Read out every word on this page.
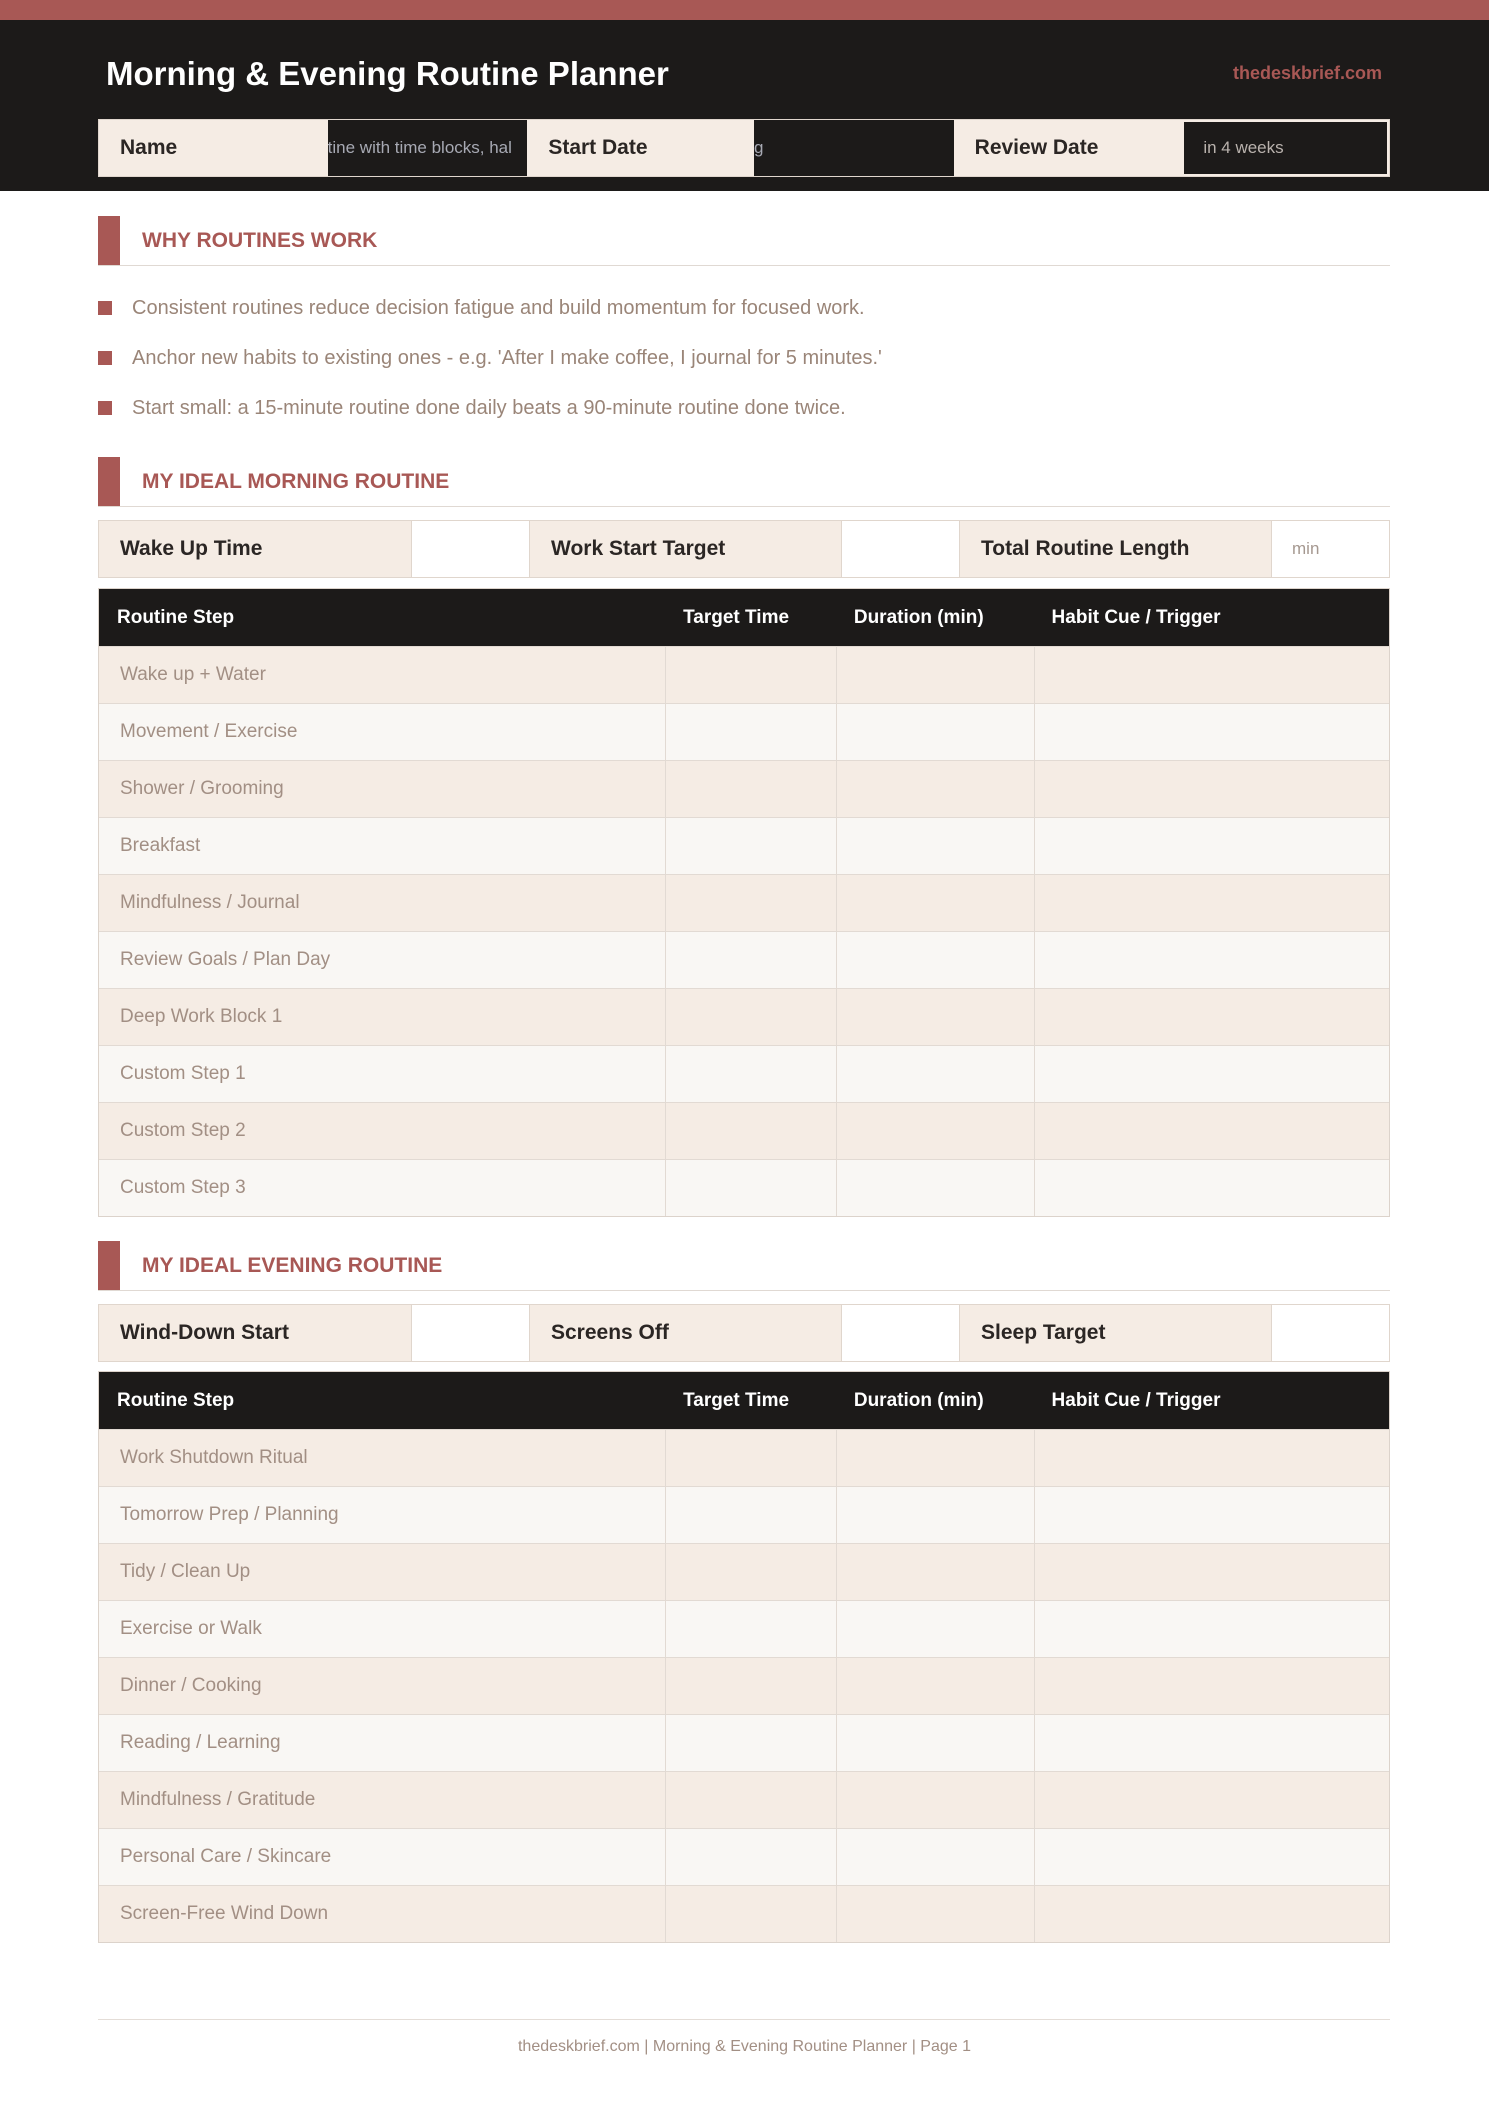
Morning & Evening Routine Planner	thedeskbrief.com
Name	tine with time blocks, hal	Start Date	g	Review Date	in 4 weeks
WHY ROUTINES WORK
Consistent routines reduce decision fatigue and build momentum for focused work.
Anchor new habits to existing ones - e.g. 'After I make coffee, I journal for 5 minutes.'
Start small: a 15-minute routine done daily beats a 90-minute routine done twice.
MY IDEAL MORNING ROUTINE
Wake Up Time	Work Start Target	Total Routine Length	min
Routine Step	Target Time	Duration (min)	Habit Cue / Trigger
Wake up + Water
Movement / Exercise
Shower / Grooming
Breakfast
Mindfulness / Journal
Review Goals / Plan Day
Deep Work Block 1
Custom Step 1
Custom Step 2
Custom Step 3
MY IDEAL EVENING ROUTINE
Wind-Down Start	Screens Off	Sleep Target
Routine Step	Target Time	Duration (min)	Habit Cue / Trigger
Work Shutdown Ritual
Tomorrow Prep / Planning
Tidy / Clean Up
Exercise or Walk
Dinner / Cooking
Reading / Learning
Mindfulness / Gratitude
Personal Care / Skincare
Screen-Free Wind Down
thedeskbrief.com | Morning & Evening Routine Planner | Page 1
